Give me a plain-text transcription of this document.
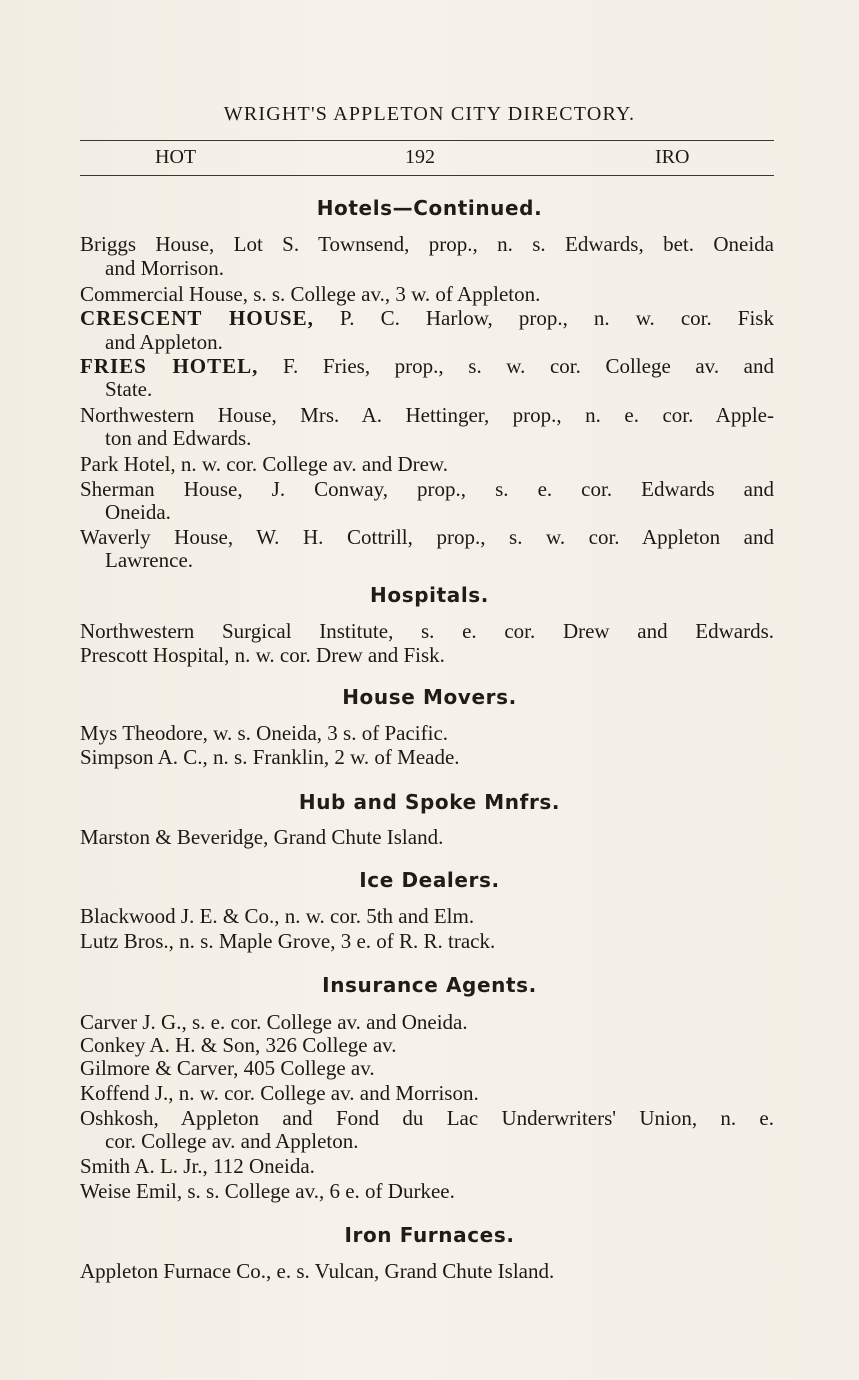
WRIGHT'S APPLETON CITY DIRECTORY.
HOT	192	IRO
Hotels—Continued.
Briggs House, Lot S. Townsend, prop., n. s. Edwards, bet. Oneida
and Morrison.
Commercial House, s. s. College av., 3 w. of Appleton.
CRESCENT HOUSE, P. C. Harlow, prop., n. w. cor. Fisk
and Appleton.
FRIES HOTEL, F. Fries, prop., s. w. cor. College av. and
State.
Northwestern House, Mrs. A. Hettinger, prop., n. e. cor. Apple-
ton and Edwards.
Park Hotel, n. w. cor. College av. and Drew.
Sherman House, J. Conway, prop., s. e. cor. Edwards and
Oneida.
Waverly House, W. H. Cottrill, prop., s. w. cor. Appleton and
Lawrence.
Hospitals.
Northwestern Surgical Institute, s. e. cor. Drew and Edwards.
Prescott Hospital, n. w. cor. Drew and Fisk.
House Movers.
Mys Theodore, w. s. Oneida, 3 s. of Pacific.
Simpson A. C., n. s. Franklin, 2 w. of Meade.
Hub and Spoke Mnfrs.
Marston & Beveridge, Grand Chute Island.
Ice Dealers.
Blackwood J. E. & Co., n. w. cor. 5th and Elm.
Lutz Bros., n. s. Maple Grove, 3 e. of R. R. track.
Insurance Agents.
Carver J. G., s. e. cor. College av. and Oneida.
Conkey A. H. & Son, 326 College av.
Gilmore & Carver, 405 College av.
Koffend J., n. w. cor. College av. and Morrison.
Oshkosh, Appleton and Fond du Lac Underwriters' Union, n. e.
cor. College av. and Appleton.
Smith A. L. Jr., 112 Oneida.
Weise Emil, s. s. College av., 6 e. of Durkee.
Iron Furnaces.
Appleton Furnace Co., e. s. Vulcan, Grand Chute Island.
